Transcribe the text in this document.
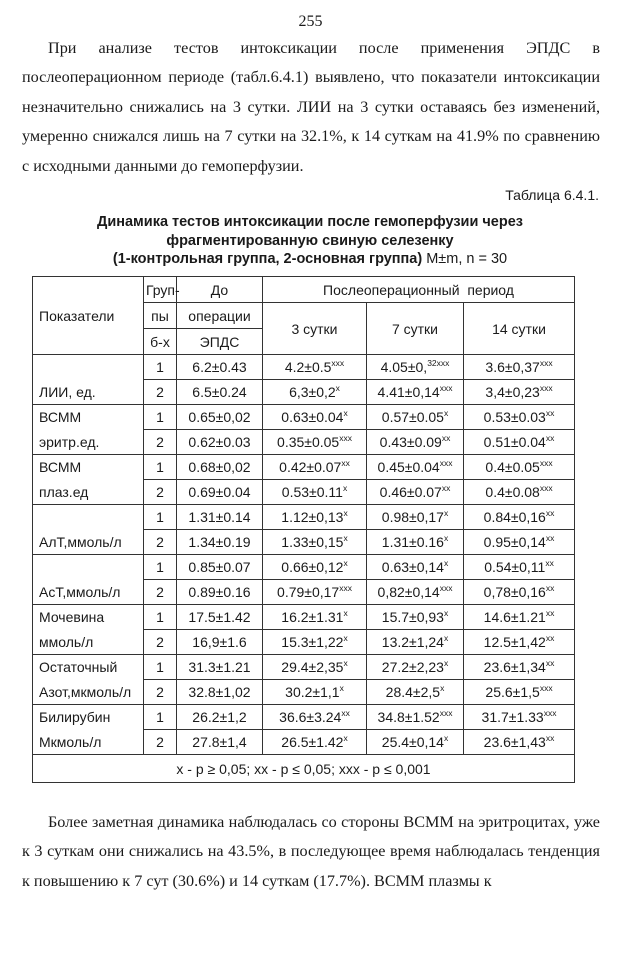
255

При анализе тестов интоксикации после применения ЭПДС в послеоперационном периоде (табл.6.4.1) выявлено, что показатели интоксикации незначительно снижались на 3 сутки. ЛИИ на 3 сутки оставаясь без изменений, умеренно снижался лишь на 7 сутки на 32.1%, к 14 суткам на 41.9% по сравнению с исходными данными до гемоперфузии.

Таблица 6.4.1.
Динамика тестов интоксикации после гемоперфузии через
фрагментированную свиную селезенку
(1-контрольная группа, 2-основная группа) M±m, n = 30
Показатели	Груп-	До	Послеоперационный  период		
	пы	операции	3 сутки	7 сутки	14 сутки
	б-х	ЭПДС			
	1	6.2±0.43	$4.2\pm 0.5^{xxx}$	4.05±0,$^{32xxx}$	$3.6\pm 0,37^{xxx}$
ЛИИ, ед.	2	6.5±0.24	$6,3\pm 0,2^x$	$4.41\pm 0,14^{xxx}$	$3,4\pm 0,23^{xxx}$
ВСММ	1	0.65±0,02	$0.63\pm 0.04^x$	$0.57\pm 0.05^x$	$0.53\pm 0.03^{xx}$
эритр.ед.	2	0.62±0.03	$0.35\pm 0.05^{xxx}$	$0.43\pm 0.09^{xx}$	$0.51\pm 0.04^{xx}$
ВСММ	1	0.68±0,02	$0.42\pm 0.07^{xx}$	$0.45\pm 0.04^{xxx}$	$0.4\pm 0.05^{xxx}$
плаз.ед	2	0.69±0.04	$0.53\pm 0.11^x$	$0.46\pm 0.07^{xx}$	$0.4\pm 0.08^{xxx}$
	1	1.31±0.14	$1.12\pm 0,13^x$	$0.98\pm 0,17^x$	$0.84\pm 0,16^{xx}$
АлТ,ммоль/л	2	1.34±0.19	$1.33\pm 0,15^x$	$1.31\pm 0.16^x$	$0.95\pm 0,14^{xx}$
	1	0.85±0.07	$0.66\pm 0,12^x$	$0.63\pm 0,14^x$	$0.54\pm 0,11^{xx}$
АсТ,ммоль/л	2	0.89±0.16	$0.79\pm 0,17^{xxx}$	$0,82\pm 0,14^{xxx}$	$0,78\pm 0,16^{xx}$
Мочевина	1	17.5±1.42	$16.2\pm 1.31^x$	$15.7\pm 0,93^x$	$14.6\pm 1.21^{xx}$
ммоль/л	2	16,9±1.6	$15.3\pm 1,22^x$	$13.2\pm 1,24^x$	$12.5\pm 1,42^{xx}$
Остаточный	1	31.3±1.21	$29.4\pm 2,35^x$	$27.2\pm 2,23^x$	$23.6\pm 1,34^{xx}$
Азот,мкмоль/л	2	32.8±1,02	$30.2\pm 1,1^x$	$28.4\pm 2,5^x$	$25.6\pm 1,5^{xxx}$
Билирубин	1	26.2±1,2	$36.6\pm 3.24^{xx}$	$34.8\pm 1.52^{xxx}$	$31.7\pm 1.33^{xxx}$
Мкмоль/л	2	27.8±1,4	$26.5\pm 1.42^x$	$25.4\pm 0,14^x$	$23.6\pm 1,43^{xx}$
x - p ≥ 0,05; xx - p ≤ 0,05; xxx - p ≤ 0,001					

Более заметная динамика наблюдалась со стороны ВСММ на эритроцитах, уже к 3 суткам они снижались на 43.5%, в последующее время наблюдалась тенденция к повышению к 7 сут (30.6%) и 14 суткам (17.7%). ВСММ плазмы к
